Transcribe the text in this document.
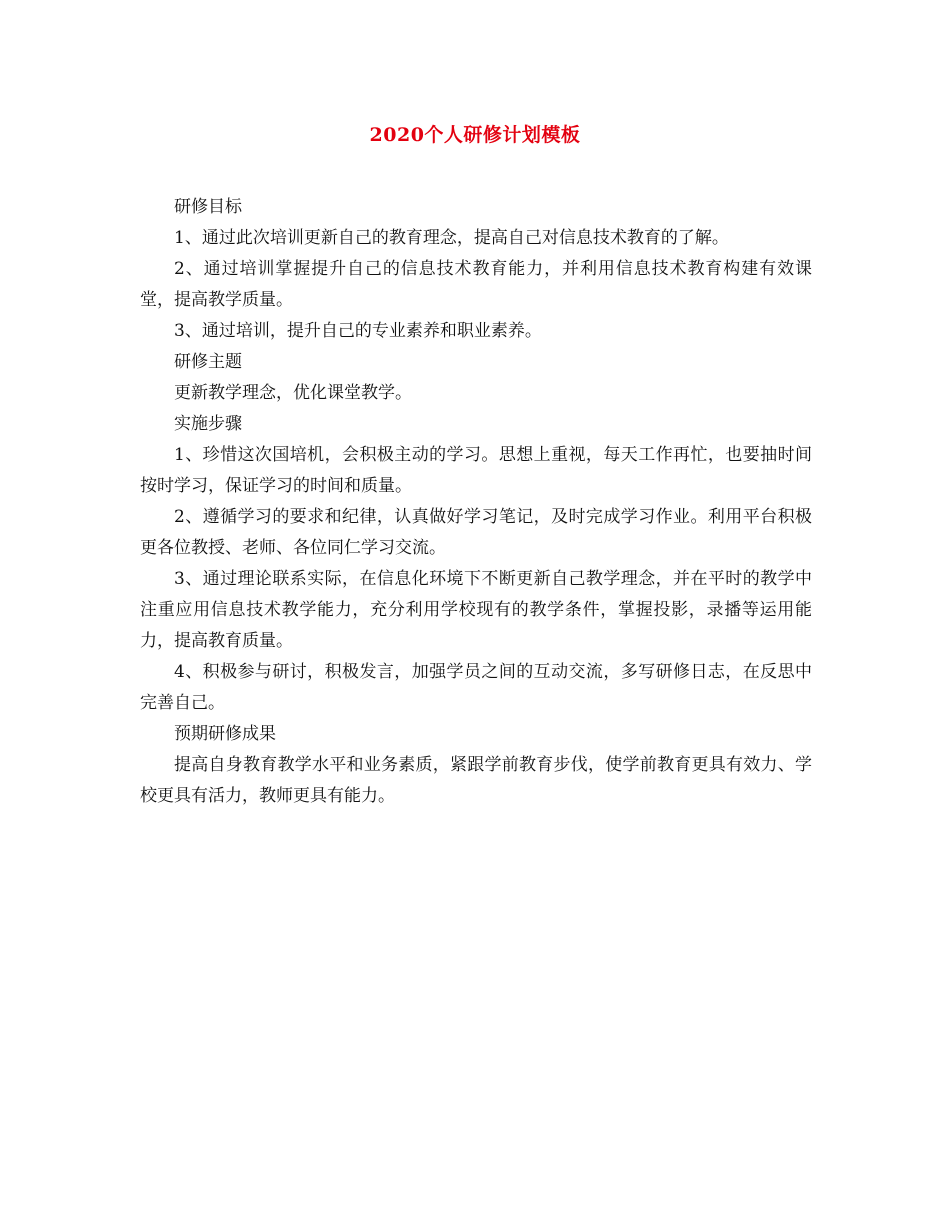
2020个人研修计划模板

研修目标

1、通过此次培训更新自己的教育理念，提高自己对信息技术教育的了解。

2、通过培训掌握提升自己的信息技术教育能力，并利用信息技术教育构建有效课堂，提高教学质量。

3、通过培训，提升自己的专业素养和职业素养。

研修主题

更新教学理念，优化课堂教学。

实施步骤

1、珍惜这次国培机，会积极主动的学习。思想上重视，每天工作再忙，也要抽时间按时学习，保证学习的时间和质量。

2、遵循学习的要求和纪律，认真做好学习笔记，及时完成学习作业。利用平台积极更各位教授、老师、各位同仁学习交流。

3、通过理论联系实际，在信息化环境下不断更新自己教学理念，并在平时的教学中注重应用信息技术教学能力，充分利用学校现有的教学条件，掌握投影，录播等运用能力，提高教育质量。

4、积极参与研讨，积极发言，加强学员之间的互动交流，多写研修日志，在反思中完善自己。

预期研修成果

提高自身教育教学水平和业务素质，紧跟学前教育步伐，使学前教育更具有效力、学校更具有活力，教师更具有能力。
